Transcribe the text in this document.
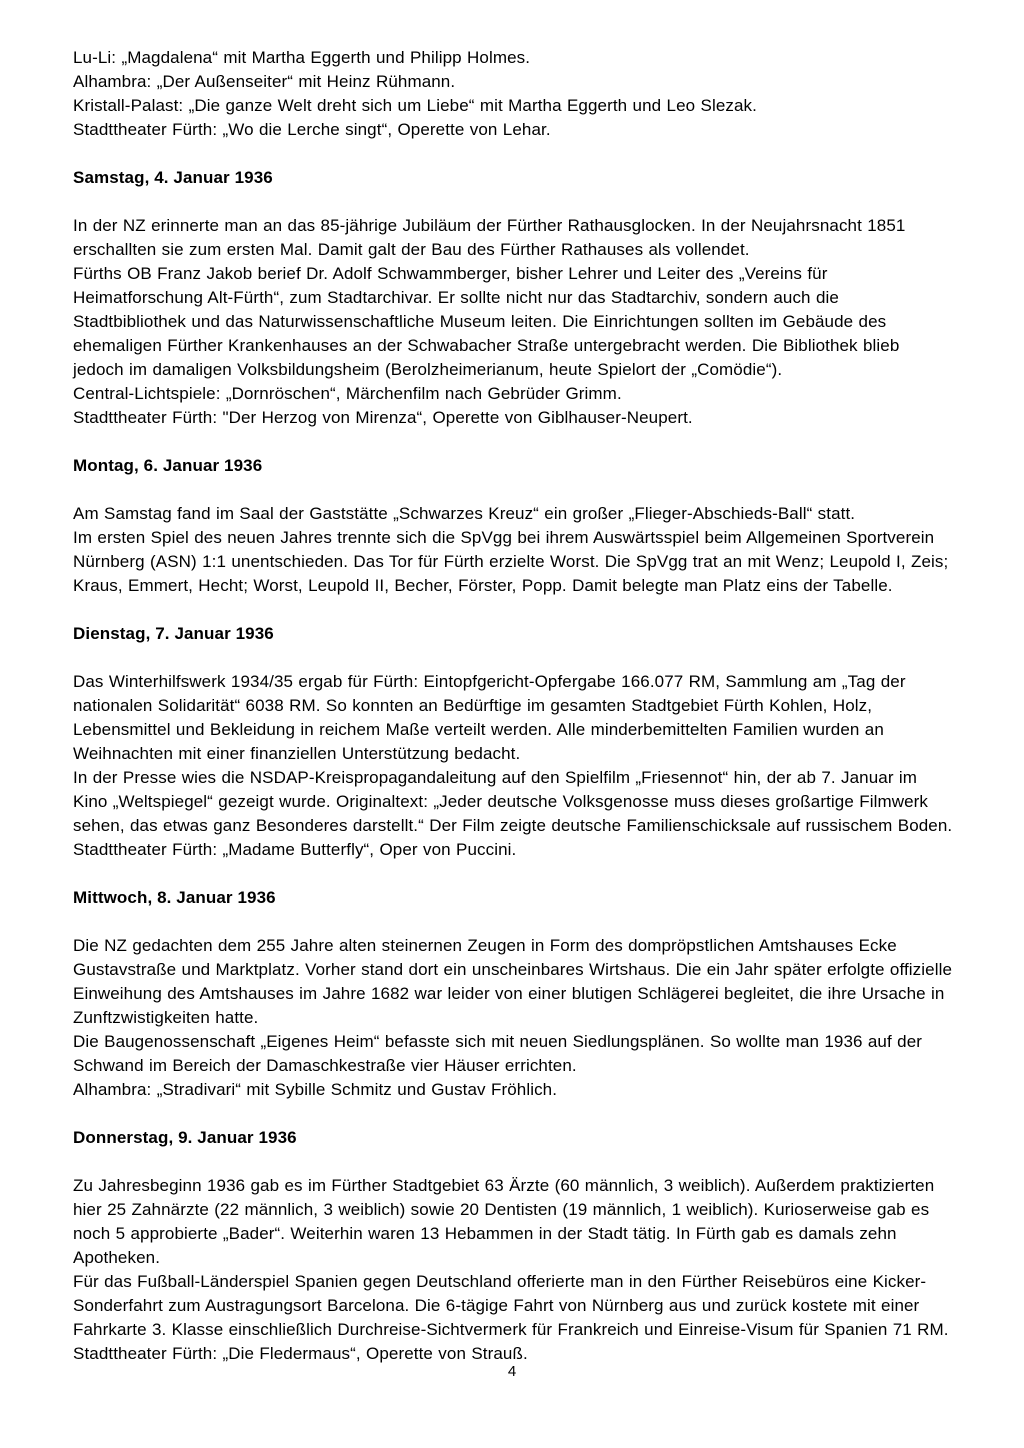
Lu-Li: „Magdalena“ mit Martha Eggerth und Philipp Holmes.

Alhambra: „Der Außenseiter“ mit Heinz Rühmann.

Kristall-Palast: „Die ganze Welt dreht sich um Liebe“ mit Martha Eggerth und Leo Slezak.

Stadttheater Fürth: „Wo die Lerche singt“, Operette von Lehar.

Samstag, 4. Januar 1936

In der NZ erinnerte man an das 85-jährige Jubiläum der Fürther Rathausglocken. In der Neujahrsnacht 1851 erschallten sie zum ersten Mal. Damit galt der Bau des Fürther Rathauses als vollendet.

Fürths OB Franz Jakob berief Dr. Adolf Schwammberger, bisher Lehrer und Leiter des „Vereins für Heimatforschung Alt-Fürth“, zum Stadtarchivar. Er sollte nicht nur das Stadtarchiv, sondern auch die Stadtbibliothek und das Naturwissenschaftliche Museum leiten. Die Einrichtungen sollten im Gebäude des ehemaligen Fürther Krankenhauses an der Schwabacher Straße untergebracht werden. Die Bibliothek blieb jedoch im damaligen Volksbildungsheim (Berolzheimerianum, heute Spielort der „Comödie“).

Central-Lichtspiele: „Dornröschen“, Märchenfilm nach Gebrüder Grimm.

Stadttheater Fürth: "Der Herzog von Mirenza“, Operette von Giblhauser-Neupert.

Montag, 6. Januar 1936

Am Samstag fand im Saal der Gaststätte „Schwarzes Kreuz“ ein großer „Flieger-Abschieds-Ball“ statt.

Im ersten Spiel des neuen Jahres trennte sich die SpVgg bei ihrem Auswärtsspiel beim Allgemeinen Sportverein Nürnberg (ASN) 1:1 unentschieden. Das Tor für Fürth erzielte Worst. Die SpVgg trat an mit Wenz; Leupold I, Zeis; Kraus, Emmert, Hecht; Worst, Leupold II, Becher, Förster, Popp. Damit belegte man Platz eins der Tabelle.

Dienstag, 7. Januar 1936

Das Winterhilfswerk 1934/35 ergab für Fürth: Eintopfgericht-Opfergabe 166.077 RM, Sammlung am „Tag der nationalen Solidarität“ 6038 RM. So konnten an Bedürftige im gesamten Stadtgebiet Fürth Kohlen, Holz, Lebensmittel und Bekleidung in reichem Maße verteilt werden. Alle minderbemittelten Familien wurden an Weihnachten mit einer finanziellen Unterstützung bedacht.

In der Presse wies die NSDAP-Kreispropagandaleitung auf den Spielfilm „Friesennot“ hin, der ab 7. Januar im Kino „Weltspiegel“ gezeigt wurde. Originaltext: „Jeder deutsche Volksgenosse muss dieses großartige Filmwerk sehen, das etwas ganz Besonderes darstellt.“ Der Film zeigte deutsche Familienschicksale auf russischem Boden.

Stadttheater Fürth: „Madame Butterfly“, Oper von Puccini.

Mittwoch, 8. Januar 1936

Die NZ gedachten dem 255 Jahre alten steinernen Zeugen in Form des dompröpstlichen Amtshauses Ecke Gustavstraße und Marktplatz. Vorher stand dort ein unscheinbares Wirtshaus. Die ein Jahr später erfolgte offizielle Einweihung des Amtshauses im Jahre 1682 war leider von einer blutigen Schlägerei begleitet, die ihre Ursache in Zunftzwistigkeiten hatte.

Die Baugenossenschaft „Eigenes Heim“ befasste sich mit neuen Siedlungsplänen. So wollte man 1936 auf der Schwand im Bereich der Damaschkestraße vier Häuser errichten.

Alhambra: „Stradivari“ mit Sybille Schmitz und Gustav Fröhlich.

Donnerstag, 9. Januar 1936

Zu Jahresbeginn 1936 gab es im Fürther Stadtgebiet 63 Ärzte (60 männlich, 3 weiblich). Außerdem praktizierten hier 25 Zahnärzte (22 männlich, 3 weiblich) sowie 20 Dentisten (19 männlich, 1 weiblich). Kurioserweise gab es noch 5 approbierte „Bader“. Weiterhin waren 13 Hebammen in der Stadt tätig. In Fürth gab es damals zehn Apotheken.

Für das Fußball-Länderspiel Spanien gegen Deutschland offerierte man in den Fürther Reisebüros eine Kicker-Sonderfahrt zum Austragungsort Barcelona. Die 6-tägige Fahrt von Nürnberg aus und zurück kostete mit einer Fahrkarte 3. Klasse einschließlich Durchreise-Sichtvermerk für Frankreich und Einreise-Visum für Spanien 71 RM.

Stadttheater Fürth: „Die Fledermaus“, Operette von Strauß.

4
